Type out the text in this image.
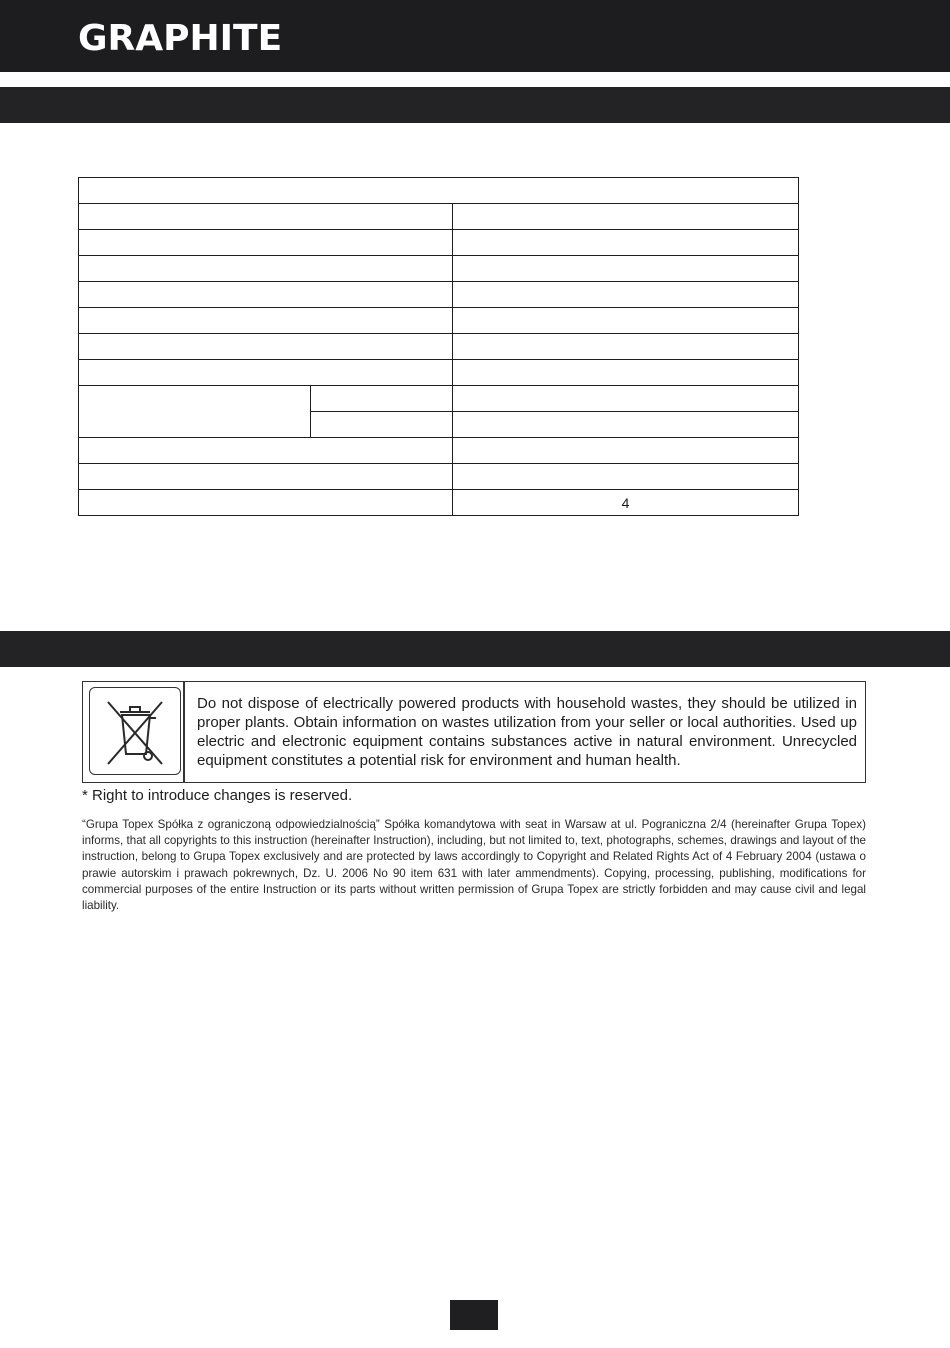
GRAPHITE

		4
Do not dispose of electrically powered products with household wastes, they should be utilized in proper plants. Obtain information on wastes utilization from your seller or local authorities. Used up electric and electronic equipment contains substances active in natural environment. Unrecycled equipment constitutes a potential risk for environment and human health.
* Right to introduce changes is reserved.
“Grupa Topex Spółka z ograniczoną odpowiedzialnością” Spółka komandytowa with seat in Warsaw at ul. Pograniczna 2/4 (hereinafter Grupa Topex) informs, that all copyrights to this instruction (hereinafter Instruction), including, but not limited to, text, photographs, schemes, drawings and layout of the instruction, belong to Grupa Topex exclusively and are protected by laws accordingly to Copyright and Related Rights Act of 4 February 2004 (ustawa o prawie autorskim i prawach pokrewnych, Dz. U. 2006 No 90 item 631 with later ammendments). Copying, processing, publishing, modifications for commercial purposes of the entire Instruction or its parts without written permission of Grupa Topex are strictly forbidden and may cause civil and legal liability.
